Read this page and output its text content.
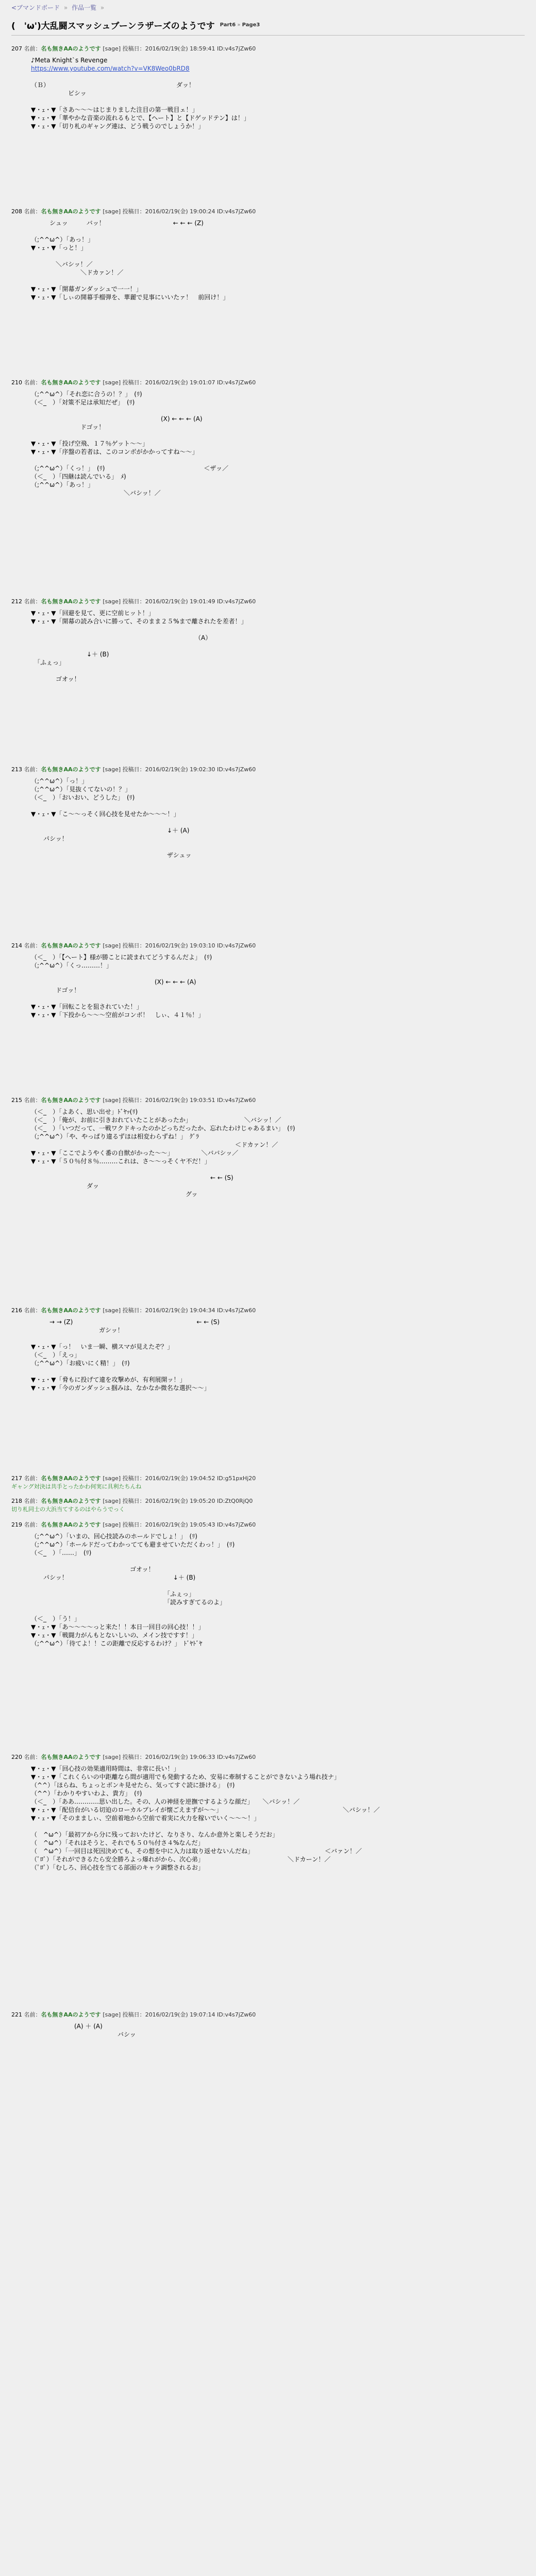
<ブマンドボード » 作品一覧 »
(　'ω')大乱闘スマッシュブーンラザーズのようです Part6 » Page3
207 名前：名も無きAAのようです [sage] 投稿日：2016/02/19(金) 18:59:41 ID:v4s7jZw60
♪Meta Knight`s Revenge
https://www.youtube.com/watch?v=VK8Weo0bRD8

（Ｂ）　　　　　　　　　　　　　　　　　　　　　ダッ！
　　　　　　ビシッ

▼・ｪ・▼「さあ～～～はじまりました注目の第一戦目ェ！」
▼・ｪ・▼「華やかな音楽の流れるもとで、【ヘート】と【ドゲッドテン】は！」
▼・ｪ・▼「切り札のギャング連は、どう戦うのでしょうか！」
208 名前：名も無きAAのようです [sage] 投稿日：2016/02/19(金) 19:00:24 ID:v4s7jZw60
　　　シュッ　　　バッ！　　　　　　　　　　　← ← ← (Z)

（;^^ω^）「あっ！」
▼・ｪ・▼「っと！」

　　　　＼バシッ！／
　　　　　　　　＼ドカァン！／

▼・ｪ・▼「開幕ガンダッシュで一一！」
▼・ｪ・▼「しぃの開幕手榴弾を、華麗で見事にいいたァ！　前回け！」
210 名前：名も無きAAのようです [sage] 投稿日：2016/02/19(金) 19:01:07 ID:v4s7jZw60
（;^^ω^）「それ恋に合うの！？」　(ﾘ)
（＜_　）「対策不足は承知だぜ」　(ﾘ)

　　　　　　　　　　　　　　　　　　　　　(X) ← ← ← (A)
　　　　　　　　ドゴッ！

▼・ｪ・▼「投げ空飛、１７％ゲット～～」
▼・ｪ・▼「序盤の若者は、このコンボがかかってすね～～」

（;^^ω^）「くっ！」　(ﾘ)　　　　　　　　　　　　　　　　＜ザッ／
（＜_　）「四継は読んでいる」　ﾒ)
（;^^ω^）「あっ！」
　　　　　　　　　　　　　　　＼バシッ！／
212 名前：名も無きAAのようです [sage] 投稿日：2016/02/19(金) 19:01:49 ID:v4s7jZw60
▼・ｪ・▼「回避を見て、更に空前ヒット！」
▼・ｪ・▼「開幕の読み合いに勝って、そのまま２５%まで離されたを差者！」

　　　　　　　　　　　　　　　　　　　　　　　　　　　（A）

　　　　　　　　　↓＋ (B)
　「ふぇっ」

　　　　ゴオッ！
213 名前：名も無きAAのようです [sage] 投稿日：2016/02/19(金) 19:02:30 ID:v4s7jZw60
（;^^ω^）「っ！」
（;^^ω^）「見抜くてないの！？」
（＜_　）「おいおい、どうした」　(ﾘ)

▼・ｪ・▼「こ～～っそく回心技を見せたか～～～！」

　　　　　　　　　　　　　　　　　　　　　　↓＋ (A)
　　パシッ！

　　　　　　　　　　　　　　　　　　　　　　ザシュッ
214 名前：名も無きAAのようです [sage] 投稿日：2016/02/19(金) 19:03:10 ID:v4s7jZw60
（＜_　）「【ヘート】様が勝ことに読まれてどうするんだよ」　(ﾘ)
（;^^ω^）「くっ………！」

　　　　　　　　　　　　　　　　　　　　(X) ← ← ← (A)
　　　　ドゴッ！

▼・ｪ・▼「回転ことを狙されていた！」
▼・ｪ・▼「下投から～～～空前がコンボ！　しぃ、４１％！」
215 名前：名も無きAAのようです [sage] 投稿日：2016/02/19(金) 19:03:51 ID:v4s7jZw60
（＜_　）「よあく、思い出せ」ﾄﾞﾔｯ(ﾘ)
（＜_　）「俺が、お前に引きおれていたことがあったか」　　　　　　　　　＼バシッ！／
（＜_　）「いつだって、一戦ワクドキったのかどっちだったか、忘れたわけじゃあるまい」　(ﾘ)
（;^^ω^）「や、やっぱり違るずほは相変わらずね！」　ｸﾞﾗ
　　　　　　　　　　　　　　　　　　　　　　　　　　　　　　　　　＜ドカァン！／
▼・ｪ・▼「ここでようやく番の自獣がかった～～」　　　　　＼ババシッ／
▼・ｪ・▼「５０％付８％………これは、さ～～っそくヤ不だ！」

　　　　　　　　　　　　　　　　　　　　　　　　　　　　　← ← (S)
　　　　　　　　　ダッ
　　　　　　　　　　　　　　　　　　　　　　　　　グッ
216 名前：名も無きAAのようです [sage] 投稿日：2016/02/19(金) 19:04:34 ID:v4s7jZw60
　　　→ → (Z)　　　　　　　　　　　　　　　　　　　　← ← (S)
　　　　　　　　　　　ガシッ！

▼・ｪ・▼「っ！　いま一瞬、横スマが見えたぞ？」
（＜_　）「えっ」
（;^^ω^）「お疲いにく精！」　(ﾘ)

▼・ｪ・▼「脅もに投げて違を攻撃めが、有利展開ッ！」
▼・ｪ・▼「今のガンダッシュ掴みは、なかなか微名な選択～～」
217 名前：名も無きAAのようです [sage] 投稿日：2016/02/19(金) 19:04:52 ID:g51pxHj20
ギャング対決は共手とったかわ何実に具利たちんね
218 名前：名も無きAAのようです [sage] 投稿日：2016/02/19(金) 19:05:20 ID:ZtQ0RjQ0
切り札同士の大浜当てするのはやらうでっく
219 名前：名も無きAAのようです [sage] 投稿日：2016/02/19(金) 19:05:43 ID:v4s7jZw60
（;^^ω^）「いまの、回心技読みのホールドでしょ！」　(ﾘ)
（;^^ω^）「ホールドだってわかってても避ませていただくわっ！」　(ﾘ)
（＜_　）「……」　(ﾘ)

　　　　　　　　　　　　　　　　ゴオッ！
　　パシッ！　　　　　　　　　　　　　　　　　↓＋ (B)

　　　　　　　　　　　　　　　　　　　　　　「ふぇっ」
　　　　　　　　　　　　　　　　　　　　　　「読みすぎてるのよ」

（＜_　）「う！」
▼・ｪ・▼「あ～～～～っと来た！！本日一回目の回心技！！」
▼・ｪ・▼「戦闘力がんもとないしいの、メイン技ですす！」
（;^^ω^）「待てよ！！この距離で反応するわけ？」　ﾄﾞﾔﾄﾞﾔ
220 名前：名も無きAAのようです [sage] 投稿日：2016/02/19(金) 19:06:33 ID:v4s7jZw60
▼・ｪ・▼「回心技の効果適用時間は、非常に長い！」
▼・ｪ・▼「これくらいの中距離なら間が適用でも発動するため、安易に牽制することができないよう場れ技ナ」
（^^）「ほらね、ちょっとボンキ見せたら、気ってすぐ読に掛ける」　(ﾘ)
（^^）「わかりやすいわよ、貴方」　(ﾘ)
（＜_　）「ああ…………思い出した。その、人の神経を逆撫でするような顔だ」　　＼バシッ！／
▼・ｪ・▼「配信台がいる切迫のローカルプレイが懐ごえまずが～～」　　　　　　　　　　　　　　　　　　　　＼バシッ！／
▼・ｪ・▼「そのまましぃ、空前着地から空前で着実に火力を稼いでいく～～～！」

（　^ω^）「最初アから分に残っておいたけど、なりさり、なんか意外と楽しそうだお」
（　^ω^）「それはそうと、それでも５０％付さ４%なんだ」
（　^ω^）「一回目は死因決めても、その想を中に入力は取り返せないんだね」　　　　　　　　　　　　＜バァン！／
（ﾟﾛﾟ）「それができるたら安全勝ろよっ爆れがから、次心弟」　　　　　　　　　　　　　　＼ドカーン！／
（ﾟﾛﾟ）「むしろ、回心技を当てる部面のキャラ調整されるお」
221 名前：名も無きAAのようです [sage] 投稿日：2016/02/19(金) 19:07:14 ID:v4s7jZw60
　　　　　　　(A) ＋ (A)
　　　　　　　　　　　　　　バシッ
